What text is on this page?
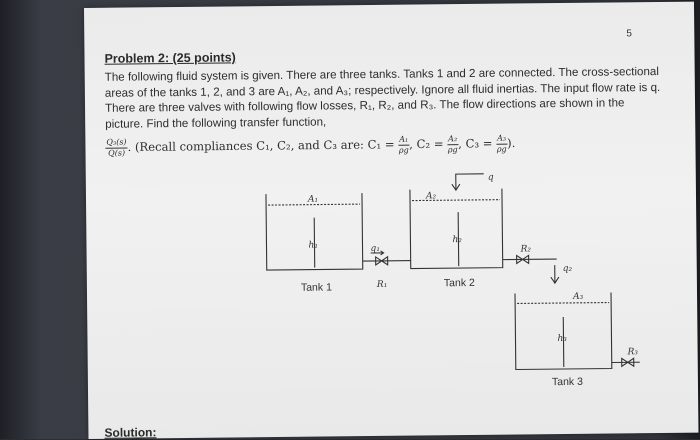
5
Problem 2: (25 points)
The following fluid system is given. There are three tanks. Tanks 1 and 2 are connected. The cross-sectional areas of the tanks 1, 2, and 3 are A₁, A₂, and A₃; respectively. Ignore all fluid inertias. The input flow rate is q. There are three valves with following flow losses, R₁, R₂, and R₃. The flow directions are shown in the picture. Find the following transfer function,
$\frac{\text{Q₃(s)}}{Q(s)}$ . (Recall compliances C₁, C₂, and C₃ are: $C_1 = \frac{\text{A₁}}{\rho g}$ , $C_2 = \frac{\text{A₂}}{\rho g}$ , $C_3 = \frac{\text{A₃}}{\rho g}$ ).
A₁
h₁	q₁
R₁
Tank 1
A₂
h₂
q
Tank 2
R₂
q₂
A₃
h₃
R₃
Tank 3
Solution:
